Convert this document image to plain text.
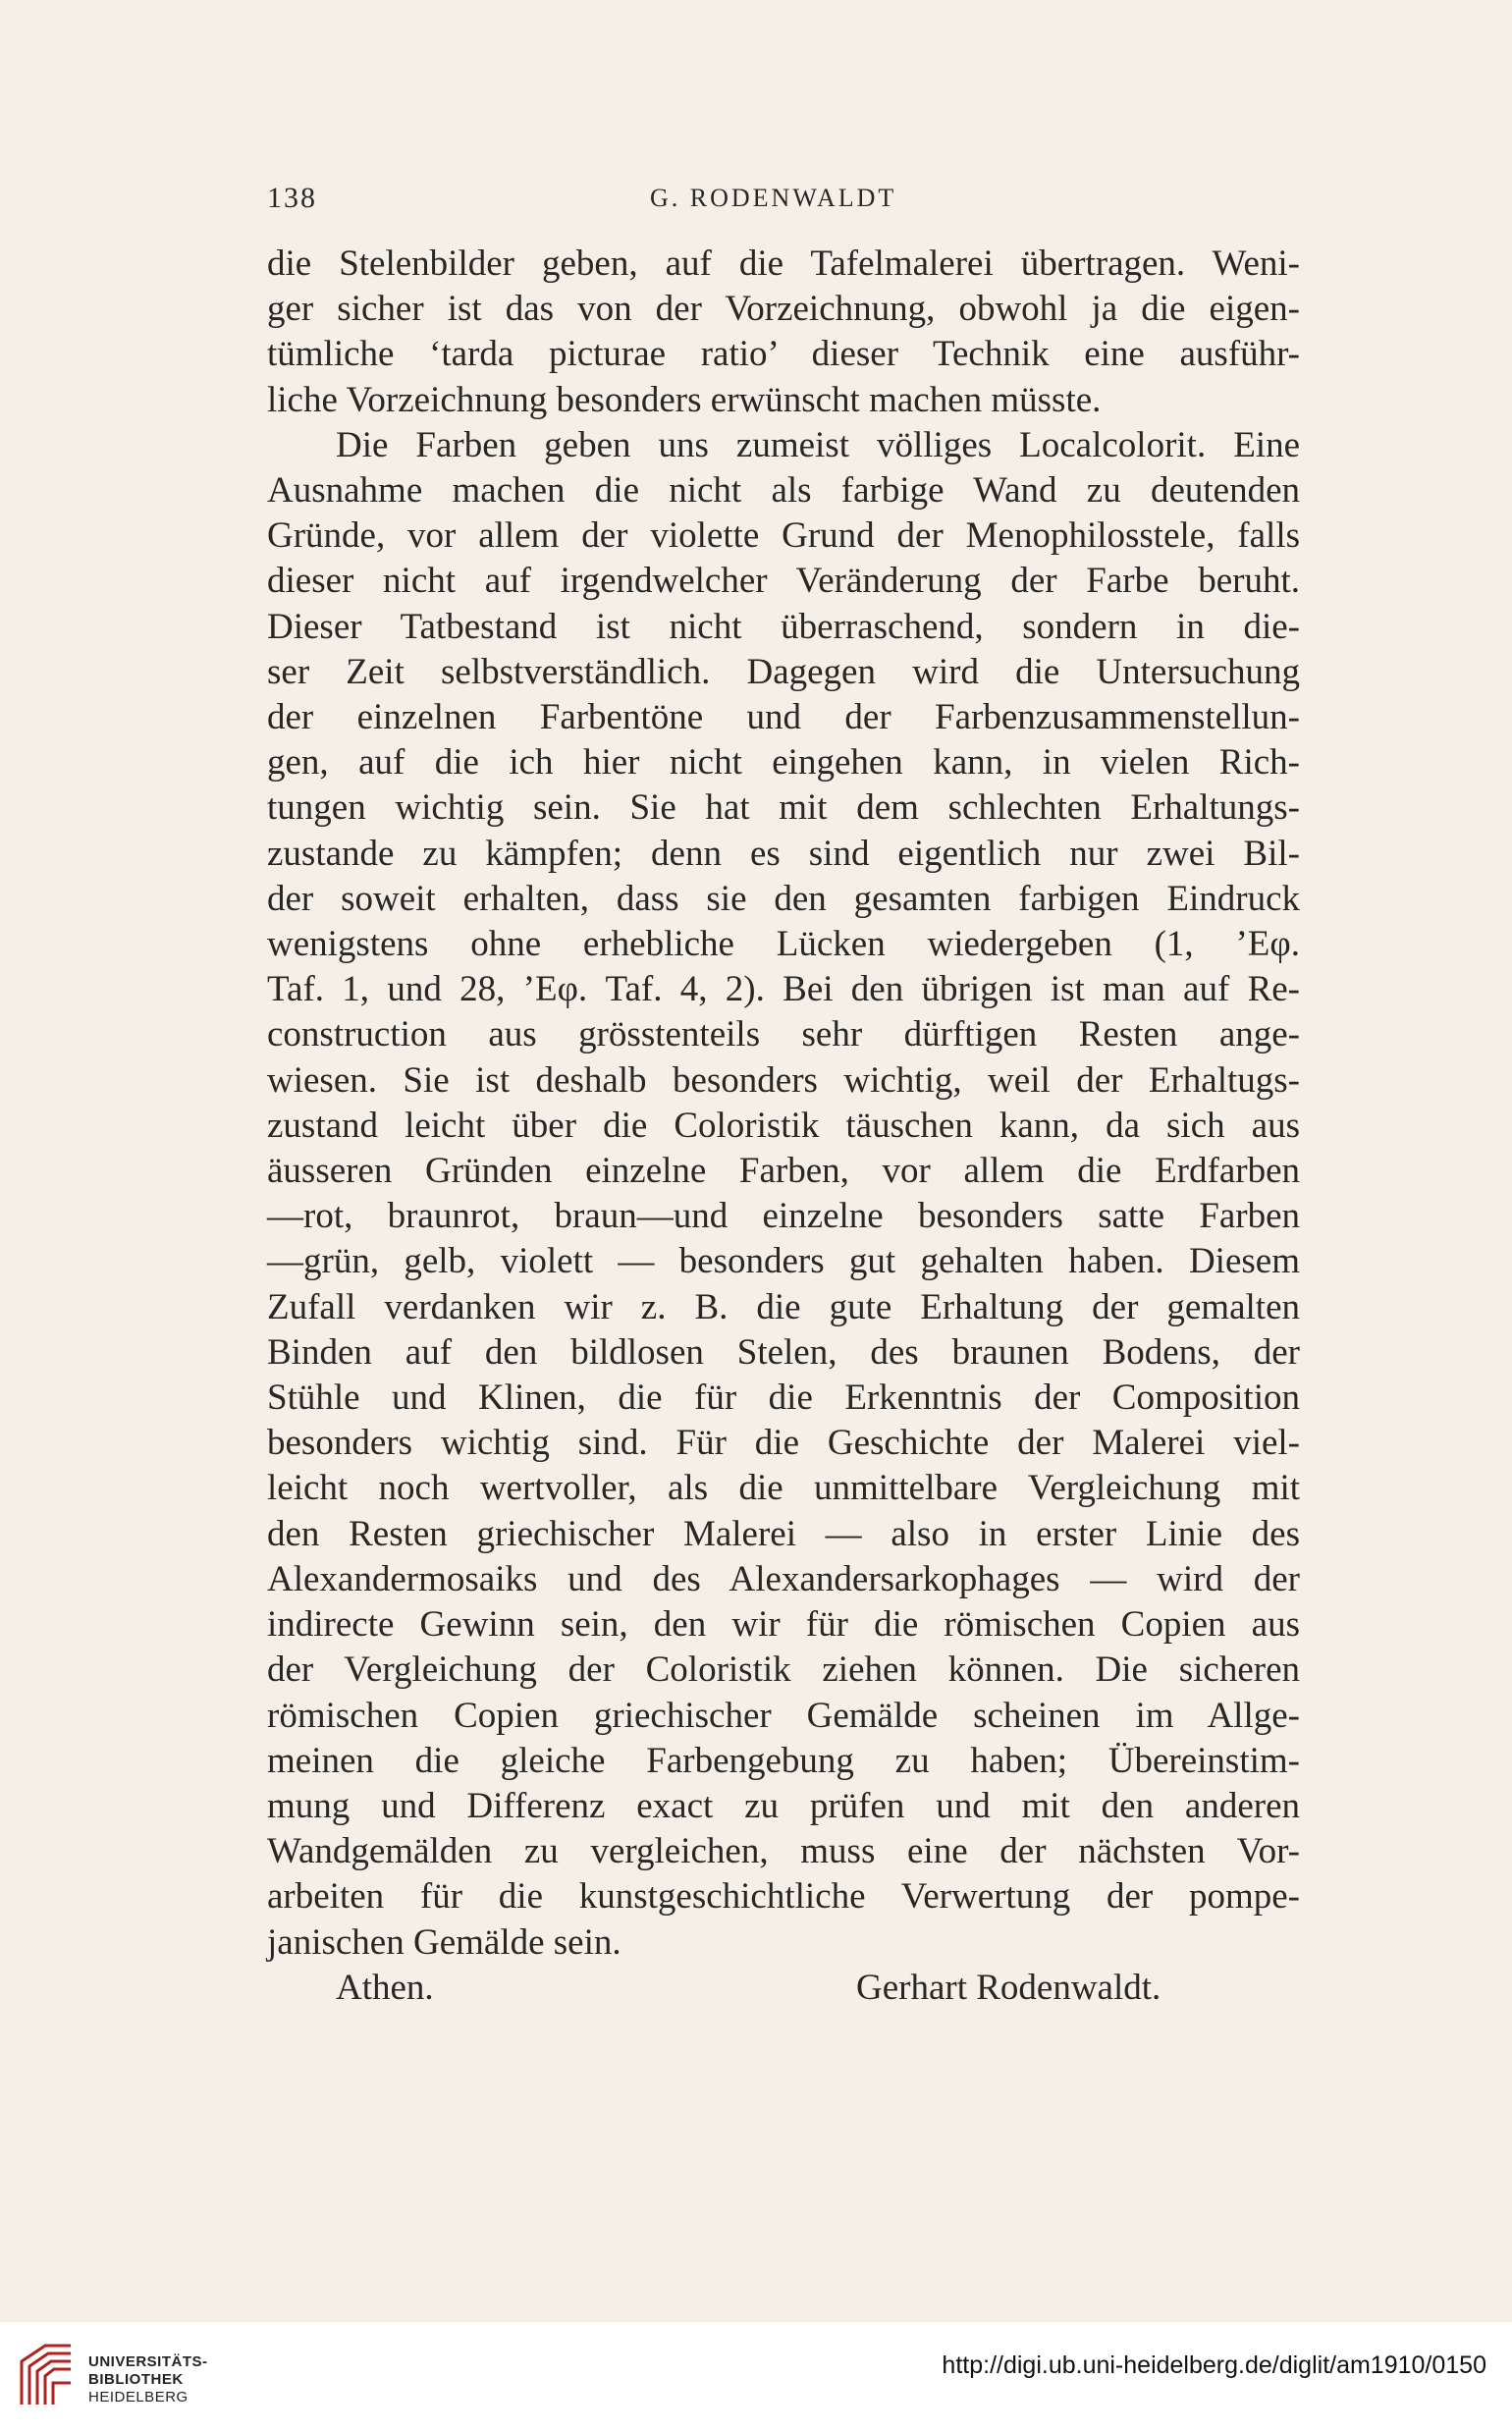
138	G. RODENWALDT

die Stelenbilder geben, auf die Tafelmalerei übertragen. Weni-

ger sicher ist das von der Vorzeichnung, obwohl ja die eigen-

tümliche ‘tarda picturae ratio’ dieser Technik eine ausführ-

liche Vorzeichnung besonders erwünscht machen müsste.

Die Farben geben uns zumeist völliges Localcolorit. Eine

Ausnahme machen die nicht als farbige Wand zu deutenden

Gründe, vor allem der violette Grund der Menophilosstele, falls

dieser nicht auf irgendwelcher Veränderung der Farbe beruht.

Dieser Tatbestand ist nicht überraschend, sondern in die-

ser Zeit selbstverständlich. Dagegen wird die Untersuchung

der einzelnen Farbentöne und der Farbenzusammenstellun-

gen, auf die ich hier nicht eingehen kann, in vielen Rich-

tungen wichtig sein. Sie hat mit dem schlechten Erhaltungs-

zustande zu kämpfen; denn es sind eigentlich nur zwei Bil-

der soweit erhalten, dass sie den gesamten farbigen Eindruck

wenigstens ohne erhebliche Lücken wiedergeben (1, ’Εφ.

Taf. 1, und 28, ’Εφ. Taf. 4, 2). Bei den übrigen ist man auf Re-

construction aus grösstenteils sehr dürftigen Resten ange-

wiesen. Sie ist deshalb besonders wichtig, weil der Erhaltugs-

zustand leicht über die Coloristik täuschen kann, da sich aus

äusseren Gründen einzelne Farben, vor allem die Erdfarben

—rot, braunrot, braun—und einzelne besonders satte Farben

—grün, gelb, violett — besonders gut gehalten haben. Diesem

Zufall verdanken wir z. B. die gute Erhaltung der gemalten

Binden auf den bildlosen Stelen, des braunen Bodens, der

Stühle und Klinen, die für die Erkenntnis der Composition

besonders wichtig sind. Für die Geschichte der Malerei viel-

leicht noch wertvoller, als die unmittelbare Vergleichung mit

den Resten griechischer Malerei — also in erster Linie des

Alexandermosaiks und des Alexandersarkophages — wird der

indirecte Gewinn sein, den wir für die römischen Copien aus

der Vergleichung der Coloristik ziehen können. Die sicheren

römischen Copien griechischer Gemälde scheinen im Allge-

meinen die gleiche Farbengebung zu haben; Übereinstim-

mung und Differenz exact zu prüfen und mit den anderen

Wandgemälden zu vergleichen, muss eine der nächsten Vor-

arbeiten für die kunstgeschichtliche Verwertung der pompe-

janischen Gemälde sein.

Athen.	Gerhart Rodenwaldt.
UNIVERSITÄTS-
BIBLIOTHEK
HEIDELBERG
http://digi.ub.uni-heidelberg.de/diglit/am1910/0150
